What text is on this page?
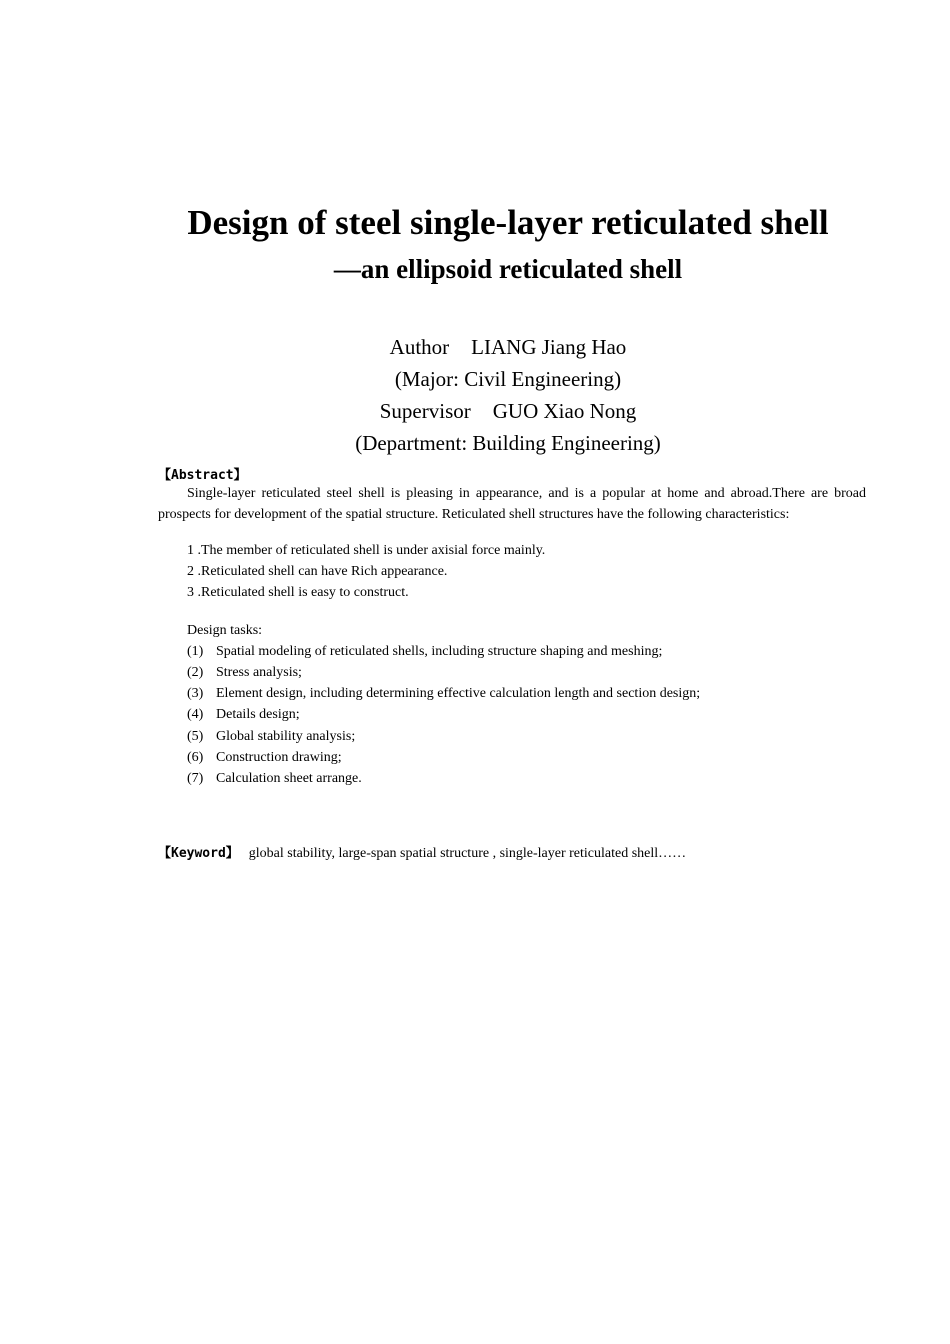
Design of steel single-layer reticulated shell
—an ellipsoid reticulated shell
Author LIANG Jiang Hao
(Major: Civil Engineering)
Supervisor GUO Xiao Nong
(Department: Building Engineering)
【Abstract】
Single-layer reticulated steel shell is pleasing in appearance, and is a popular at home and abroad.There are broad prospects for development of the spatial structure. Reticulated shell structures have the following characteristics:
1 .The member of reticulated shell is under axisial force mainly.
2 .Reticulated shell can have Rich appearance.
3 .Reticulated shell is easy to construct.
Design tasks:
(1) Spatial modeling of reticulated shells, including structure shaping and meshing;
(2) Stress analysis;
(3) Element design, including determining effective calculation length and section design;
(4) Details design;
(5) Global stability analysis;
(6) Construction drawing;
(7) Calculation sheet arrange.
【Keyword】 global stability, large-span spatial structure , single-layer reticulated shell……
